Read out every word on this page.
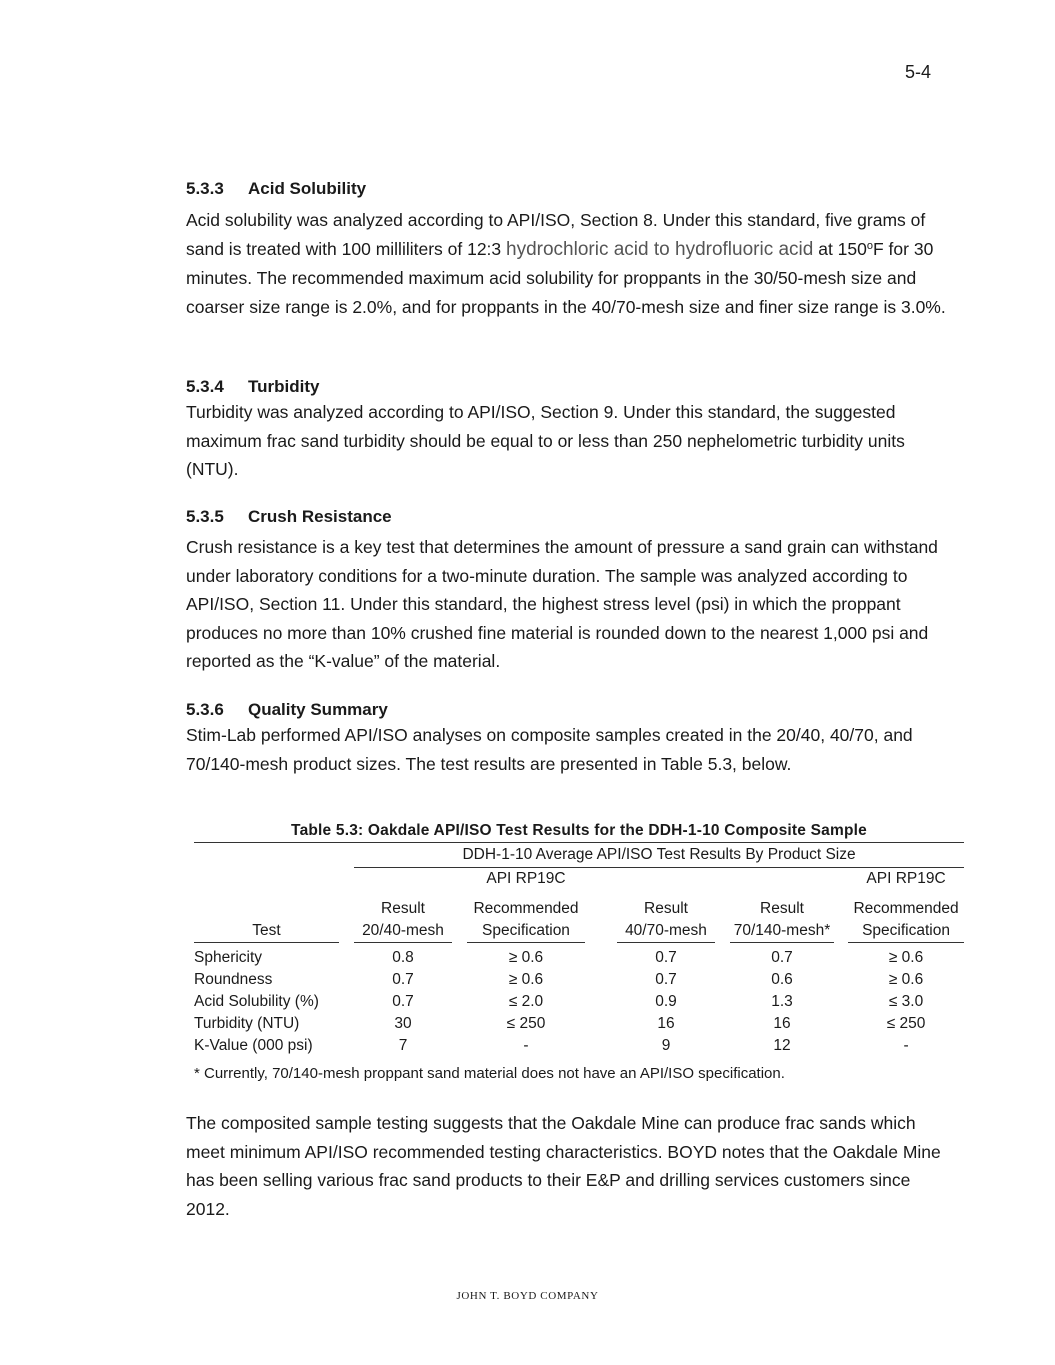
5-4
5.3.3 Acid Solubility
Acid solubility was analyzed according to API/ISO, Section 8. Under this standard, five grams of sand is treated with 100 milliliters of 12:3 hydrochloric acid to hydrofluoric acid at 150$^o$F for 30 minutes. The recommended maximum acid solubility for proppants in the 30/50-mesh size and coarser size range is 2.0%, and for proppants in the 40/70-mesh size and finer size range is 3.0%.
5.3.4 Turbidity
Turbidity was analyzed according to API/ISO, Section 9. Under this standard, the suggested maximum frac sand turbidity should be equal to or less than 250 nephelometric turbidity units (NTU).
5.3.5 Crush Resistance
Crush resistance is a key test that determines the amount of pressure a sand grain can withstand under laboratory conditions for a two-minute duration. The sample was analyzed according to API/ISO, Section 11. Under this standard, the highest stress level (psi) in which the proppant produces no more than 10% crushed fine material is rounded down to the nearest 1,000 psi and reported as the “K-value” of the material.
5.3.6 Quality Summary
Stim-Lab performed API/ISO analyses on composite samples created in the 20/40, 40/70, and 70/140-mesh product sizes. The test results are presented in Table 5.3, below.
Table 5.3: Oakdale API/ISO Test Results for the DDH-1-10 Composite Sample
		DDH-1-10 Average API/ISO Test Results By Product Size								
				API RP19C						API RP19C

		Result		Recommended		Result		Result		Recommended
Test		20/40-mesh		Specification		40/70-mesh		70/140-mesh*		Specification

Sphericity		0.8		≥ 0.6		0.7		0.7		≥ 0.6
Roundness		0.7		≥ 0.6		0.7		0.6		≥ 0.6
Acid Solubility (%)		0.7		≤ 2.0		0.9		1.3		≤ 3.0
Turbidity (NTU)		30		≤ 250		16		16		≤ 250
K-Value (000 psi)		7		-		9		12		-
* Currently, 70/140-mesh proppant sand material does not have an API/ISO specification.
The composited sample testing suggests that the Oakdale Mine can produce frac sands which meet minimum API/ISO recommended testing characteristics. BOYD notes that the Oakdale Mine has been selling various frac sand products to their E&P and drilling services customers since 2012.
JOHN T. BOYD COMPANY
